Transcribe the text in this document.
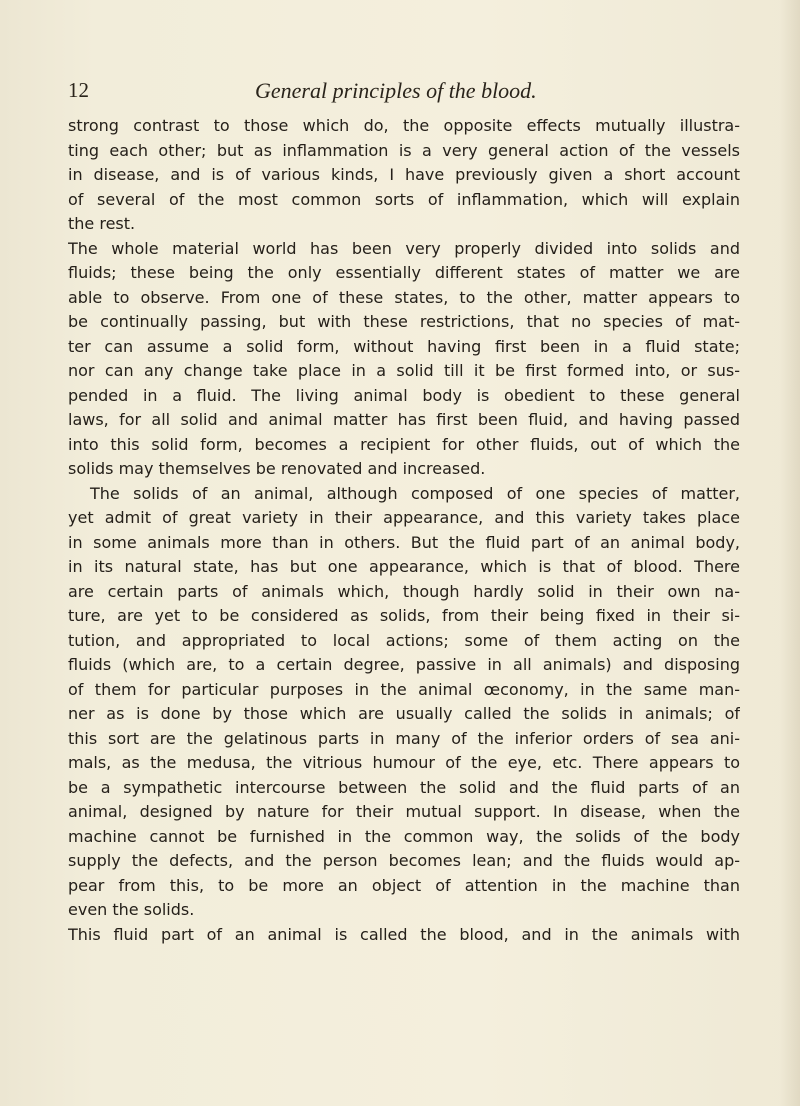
12	General principles of the blood.
strong contrast to those which do, the opposite effects mutually illustra-
ting each other; but as inflammation is a very general action of the vessels
in disease, and is of various kinds, I have previously given a short account
of several of the most common sorts of inflammation, which will explain
the rest.
The whole material world has been very properly divided into solids and
fluids; these being the only essentially different states of matter we are
able to observe. From one of these states, to the other, matter appears to
be continually passing, but with these restrictions, that no species of mat-
ter can assume a solid form, without having first been in a fluid state;
nor can any change take place in a solid till it be first formed into, or sus-
pended in a fluid. The living animal body is obedient to these general
laws, for all solid and animal matter has first been fluid, and having passed
into this solid form, becomes a recipient for other fluids, out of which the
solids may themselves be renovated and increased.
The solids of an animal, although composed of one species of matter,
yet admit of great variety in their appearance, and this variety takes place
in some animals more than in others. But the fluid part of an animal body,
in its natural state, has but one appearance, which is that of blood. There
are certain parts of animals which, though hardly solid in their own na-
ture, are yet to be considered as solids, from their being fixed in their si-
tution, and appropriated to local actions; some of them acting on the
fluids (which are, to a certain degree, passive in all animals) and disposing
of them for particular purposes in the animal œconomy, in the same man-
ner as is done by those which are usually called the solids in animals; of
this sort are the gelatinous parts in many of the inferior orders of sea ani-
mals, as the medusa, the vitrious humour of the eye, etc. There appears to
be a sympathetic intercourse between the solid and the fluid parts of an
animal, designed by nature for their mutual support. In disease, when the
machine cannot be furnished in the common way, the solids of the body
supply the defects, and the person becomes lean; and the fluids would ap-
pear from this, to be more an object of attention in the machine than
even the solids.
This fluid part of an animal is called the blood, and in the animals with
